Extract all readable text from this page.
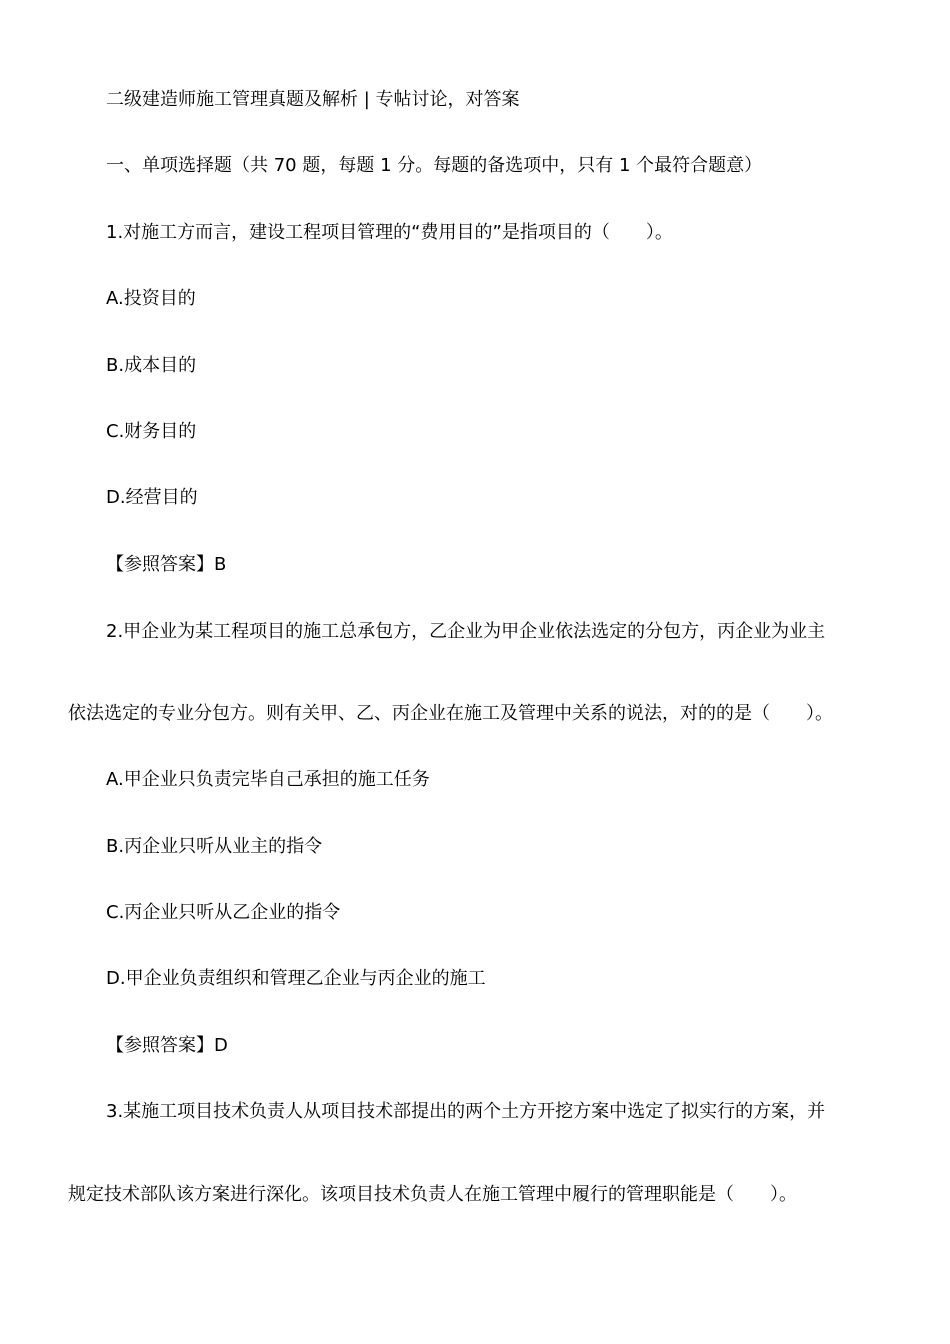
二级建造师施工管理真题及解析 | 专帖讨论，对答案
一、单项选择题（共 70 题，每题 1 分。每题的备选项中，只有 1 个最符合题意）
1.对施工方而言，建设工程项目管理的“费用目的”是指项目的（　　）。
A.投资目的
B.成本目的
C.财务目的
D.经营目的
【参照答案】B
2.甲企业为某工程项目的施工总承包方，乙企业为甲企业依法选定的分包方，丙企业为业主
依法选定的专业分包方。则有关甲、乙、丙企业在施工及管理中关系的说法，对的的是（　　）。
A.甲企业只负责完毕自己承担的施工任务
B.丙企业只听从业主的指令
C.丙企业只听从乙企业的指令
D.甲企业负责组织和管理乙企业与丙企业的施工
【参照答案】D
3.某施工项目技术负责人从项目技术部提出的两个土方开挖方案中选定了拟实行的方案，并
规定技术部队该方案进行深化。该项目技术负责人在施工管理中履行的管理职能是（　　）。
